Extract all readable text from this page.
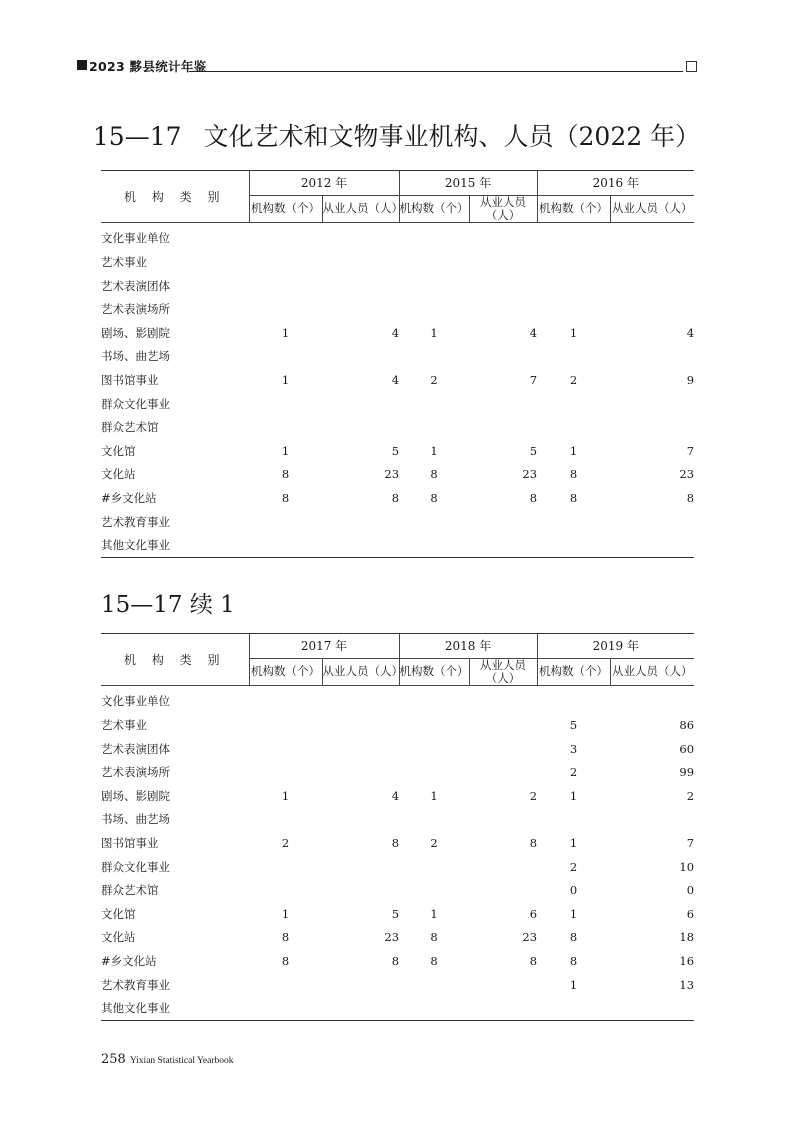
2023 黟县统计年鉴
15—17 文化艺术和文物事业机构、人员（2022 年）
机 构 类 别	2012 年		2015 年		2016 年	
	机构数（个）	从业人员（人）	机构数（个）	从业人员
（人）	机构数（个）	从业人员（人）
文化事业单位						
艺术事业						
艺术表演团体						
艺术表演场所						
剧场、影剧院	1	4	1	4	1	4
书场、曲艺场						
图书馆事业	1	4	2	7	2	9
群众文化事业						
群众艺术馆						
文化馆	1	5	1	5	1	7
文化站	8	23	8	23	8	23
#乡文化站	8	8	8	8	8	8
艺术教育事业						
其他文化事业						
15—17 续 1
机 构 类 别	2017 年		2018 年		2019 年	
	机构数（个）	从业人员（人）	机构数（个）	从业人员
（人）	机构数（个）	从业人员（人）
文化事业单位						
艺术事业					5	86
艺术表演团体					3	60
艺术表演场所					2	99
剧场、影剧院	1	4	1	2	1	2
书场、曲艺场						
图书馆事业	2	8	2	8	1	7
群众文化事业					2	10
群众艺术馆					0	0
文化馆	1	5	1	6	1	6
文化站	8	23	8	23	8	18
#乡文化站	8	8	8	8	8	16
艺术教育事业					1	13
其他文化事业						
258 Yixian Statistical Yearbook
